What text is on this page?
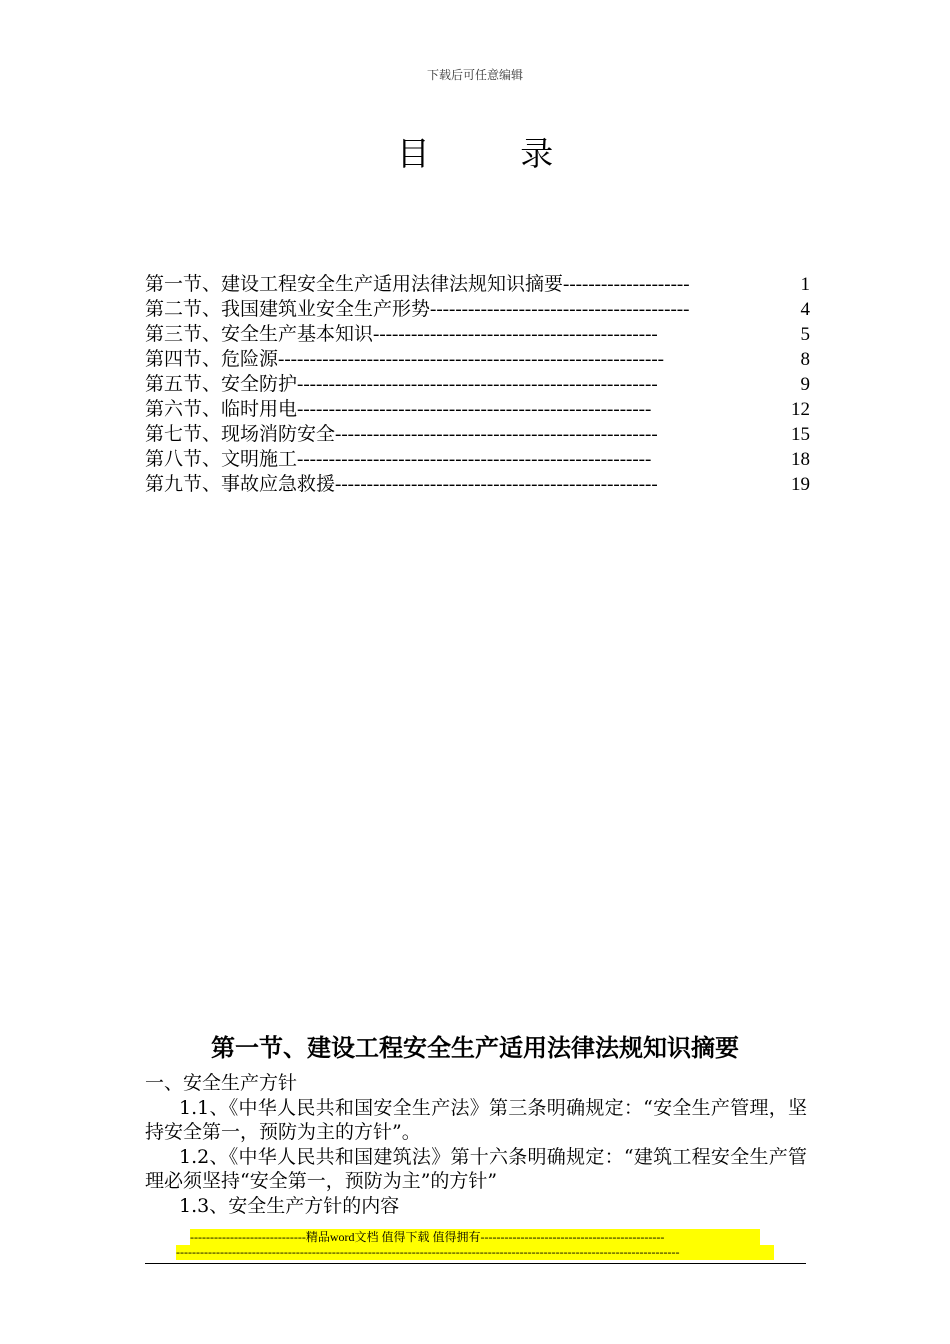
下载后可任意编辑
目 录
第一节、建设工程安全生产适用法律法规知识摘要 --------------------	1
第二节、我国建筑业安全生产形势 -----------------------------------------	4
第三节、安全生产基本知识 ---------------------------------------------	5
第四节、危险源 -------------------------------------------------------------	8
第五节、安全防护 ---------------------------------------------------------	9
第六节、临时用电 --------------------------------------------------------	12
第七节、现场消防安全 ---------------------------------------------------	15
第八节、文明施工 --------------------------------------------------------	18
第九节、事故应急救援 ---------------------------------------------------	19
第一节、建设工程安全生产适用法律法规知识摘要

一、安全生产方针

1.1、《中华人民共和国安全生产法》第三条明确规定：“安全生产管理，坚持安全第一，预防为主的方针”。

1.2、《中华人民共和国建筑法》第十六条明确规定：“建筑工程安全生产管理必须坚持“安全第一，预防为主”的方针”

1.3、安全生产方针的内容

-----------------------------精品word文档 值得下载 值得拥有----------------------------------------------
------------------------------------------------------------------------------------------------------------------------------
